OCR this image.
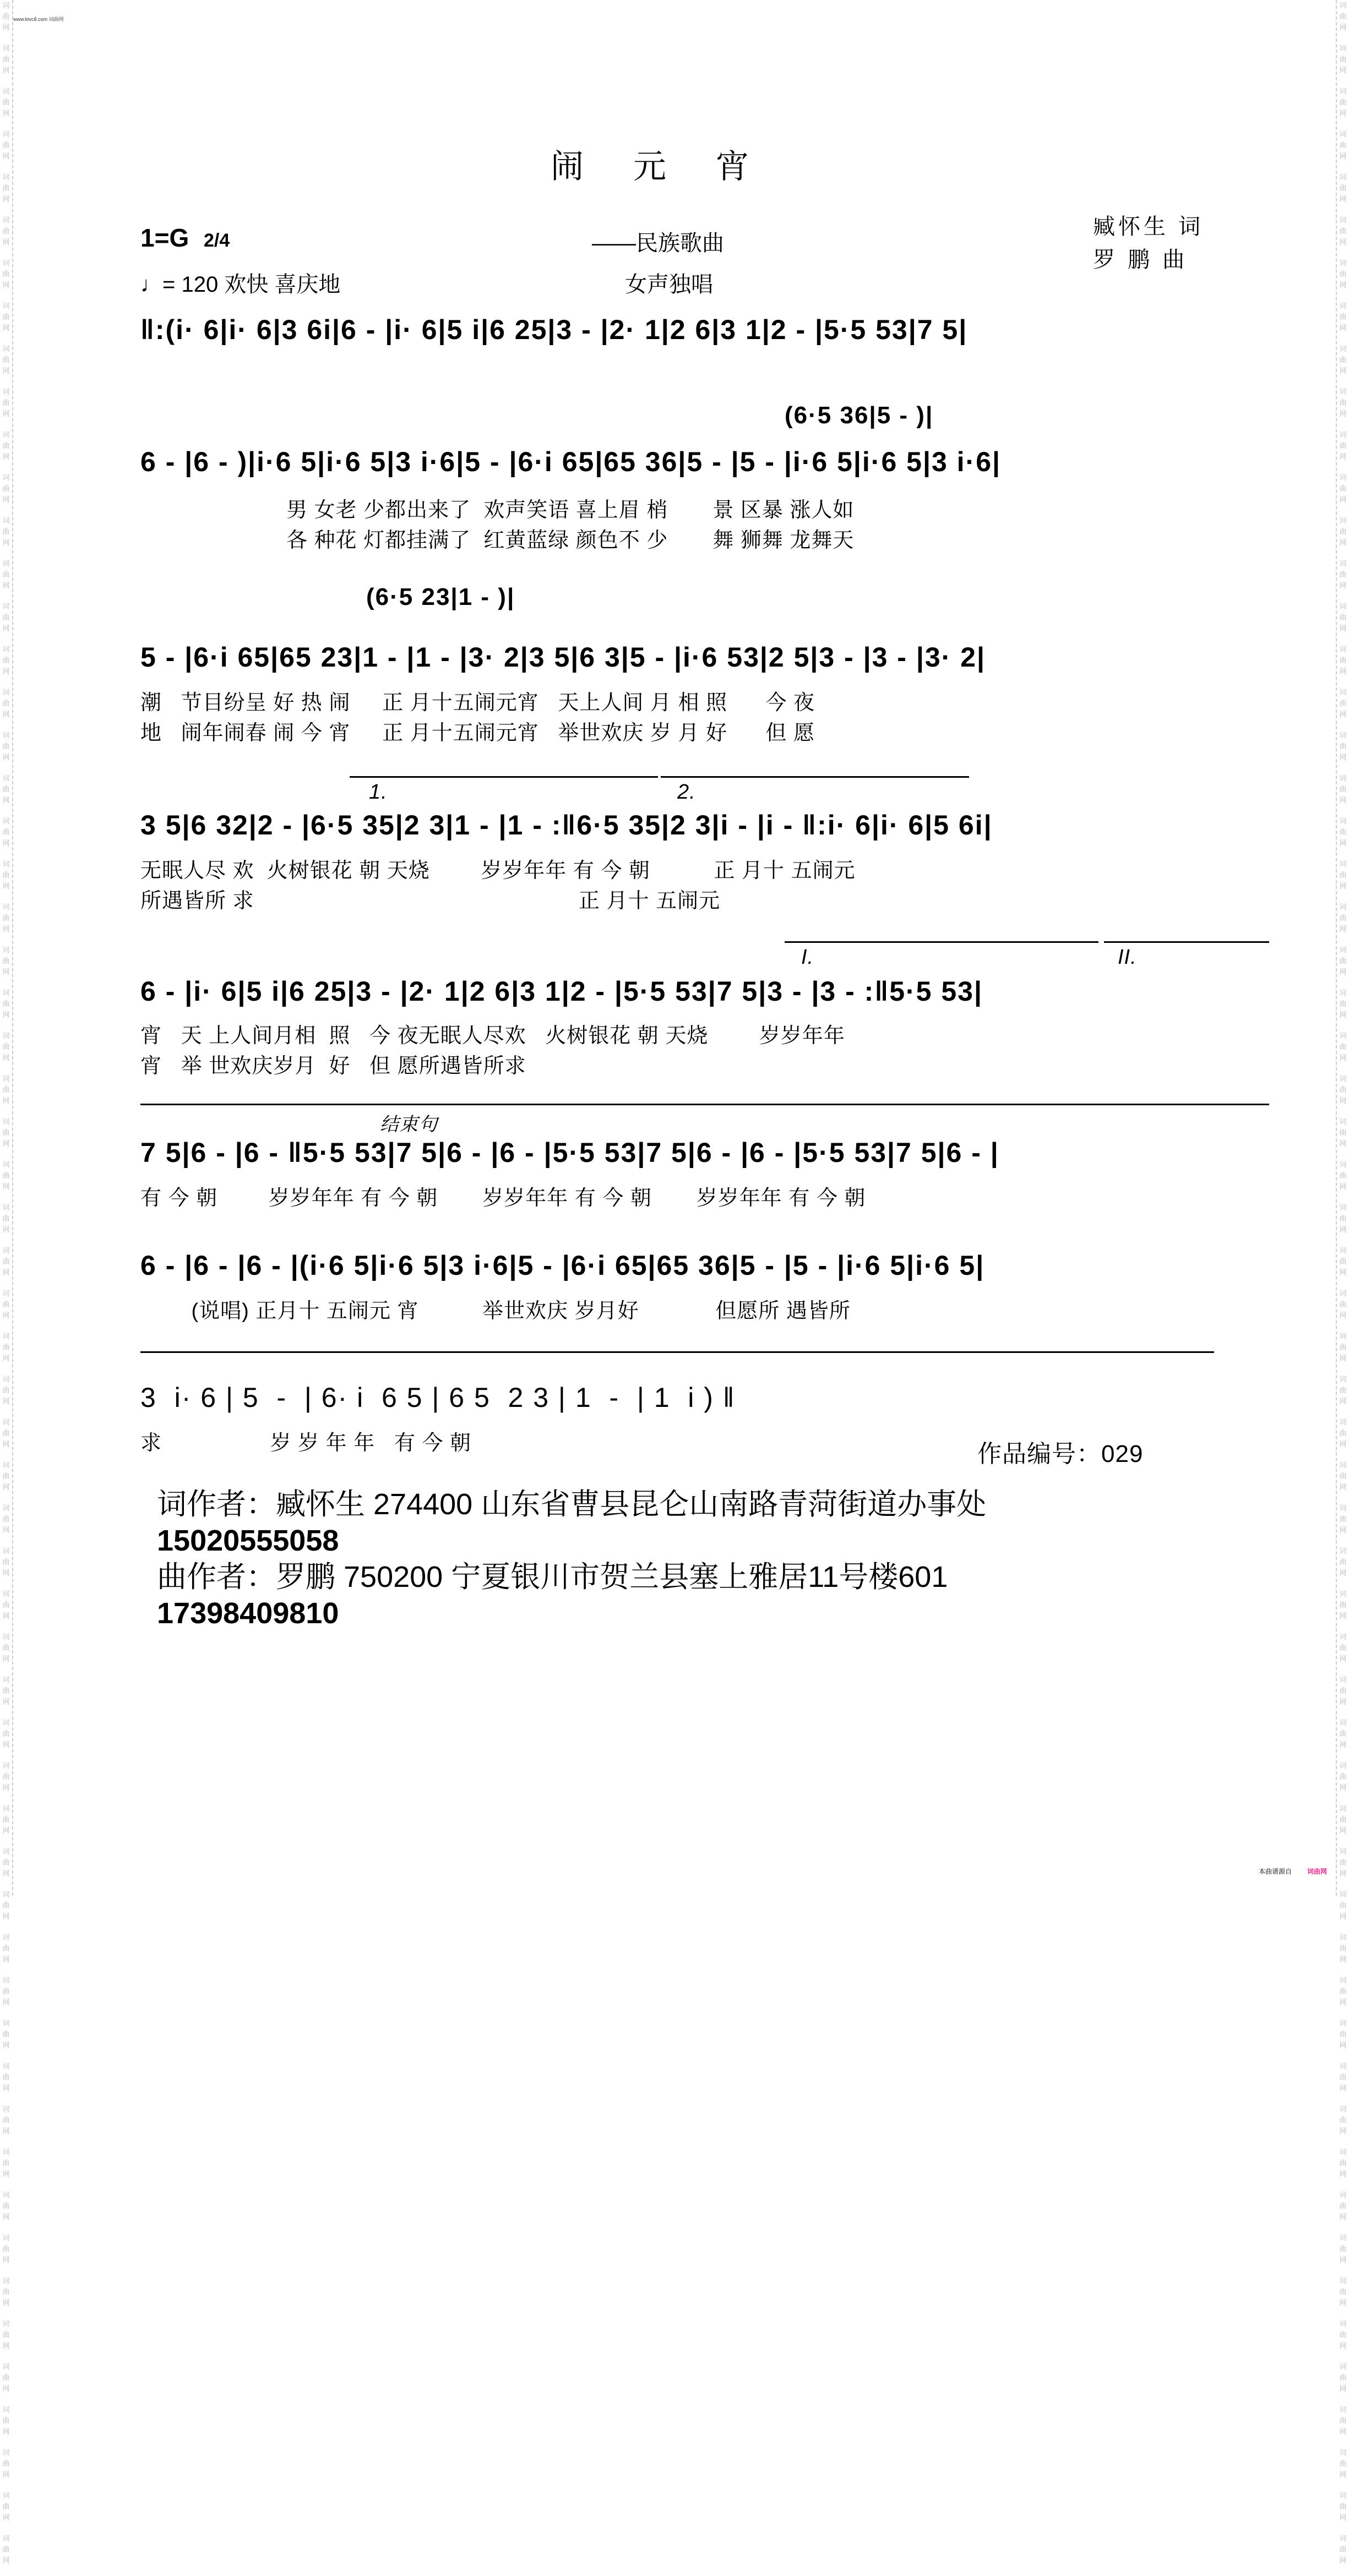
词
曲
网

词
曲
网

词
曲
网

词
曲
网

词
曲
网

词
曲
网

词
曲
网

词
曲
网

词
曲
网

词
曲
网

词
曲
网

词
曲
网

词
曲
网

词
曲
网

词
曲
网

词
曲
网

词
曲
网

词
曲
网

词
曲
网

词
曲
网

词
曲
网

词
曲
网

词
曲
网

词
曲
网

词
曲
网

词
曲
网

词
曲
网

词
曲
网

词
曲
网

词
曲
网

词
曲
网

词
曲
网

词
曲
网

词
曲
网

词
曲
网

词
曲
网

词
曲
网

词
曲
网

词
曲
网

词
曲
网

词
曲
网

词
曲
网

词
曲
网

词
曲
网

词
曲
网

词
曲
网

词
曲
网

词
曲
网

词
曲
网

词
曲
网

词
曲
网

词
曲
网

词
曲
网

词
曲
网

词
曲
网

词
曲
网

词
曲
网

词
曲
网

词
曲
网

词
曲
网

词
曲
网

词
曲
网

词
曲
网

词
曲
网

词
曲
网

词
曲
网

词
曲
网

词
曲
网

词
曲
网

词
曲
网

词
曲
网

词
曲
网

词
曲
网

词
曲
网

词
曲
网

词
曲
网

词
曲
网

词
曲
网

词
曲
网

词
曲
网

词
曲
网

词
曲
网

词
曲
网

词
曲
网

词
曲
网

词
曲
网

词
曲
网

词
曲
网

词
曲
网

词
曲
网

词
曲
网

词
曲
网

词
曲
网

词
曲
网

词
曲
网

词
曲
网

词
曲
网

词
曲
网

词
曲
网

词
曲
网

词
曲
网

词
曲
网

词
曲
网

词
曲
网

词
曲
网

词
曲
网

词
曲
网

词
曲
网

词
曲
网

词
曲
网

词
曲
网

词
曲
网

词
曲
网

词
曲
网

词
曲
网

词
曲
网

词
曲
网

词
曲
网

词
曲
网

词
曲
网

www.ktvc8.com 词曲网
闹元宵
1=G 2/4
♩= 120 欢快 喜庆地
——民族歌曲
女声独唱
臧怀生 词
罗 鹏 曲
‖:(i· 6|i· 6|3 6i|6 - |i· 6|5 i|6 25|3 - |2· 1|2 6|3 1|2 - |5·5 53|7 5|
(6·5 36|5 - )|
6 - |6 - )|i·6 5|i·6 5|3 i·6|5 - |6·i 65|65 36|5 - |5 - |i·6 5|i·6 5|3 i·6|
男 女老 少都出来了  欢声笑语 喜上眉 梢       景 区暴 涨人如
各 种花 灯都挂满了  红黄蓝绿 颜色不 少       舞 狮舞 龙舞天
(6·5 23|1 - )|
5 - |6·i 65|65 23|1 - |1 - |3· 2|3 5|6 3|5 - |i·6 53|2 5|3 - |3 - |3· 2|
潮   节目纷呈 好 热 闹     正 月十五闹元宵   天上人间 月 相 照      今 夜
地   闹年闹春 闹 今 宵     正 月十五闹元宵   举世欢庆 岁 月 好      但 愿
1.	2.
3 5|6 32|2 - |6·5 35|2 3|1 - |1 - :‖6·5 35|2 3|i - |i - ‖:i· 6|i· 6|5 6i|
无眠人尽 欢  火树银花 朝 天烧        岁岁年年 有 今 朝          正 月十 五闹元
所遇皆所 求                                                   正 月十 五闹元
I.	II.
6 - |i· 6|5 i|6 25|3 - |2· 1|2 6|3 1|2 - |5·5 53|7 5|3 - |3 - :‖5·5 53|
宵   天 上人间月相  照   今 夜无眠人尽欢   火树银花 朝 天烧        岁岁年年
宵   举 世欢庆岁月  好   但 愿所遇皆所求
结束句
7 5|6 - |6 - ‖5·5 53|7 5|6 - |6 - |5·5 53|7 5|6 - |6 - |5·5 53|7 5|6 - |
有 今 朝        岁岁年年 有 今 朝       岁岁年年 有 今 朝       岁岁年年 有 今 朝
6 - |6 - |6 - |(i·6 5|i·6 5|3 i·6|5 - |6·i 65|65 36|5 - |5 - |i·6 5|i·6 5|
(说唱) 正月十 五闹元 宵          举世欢庆 岁月好            但愿所 遇皆所
3  i· 6 | 5  -  | 6· i  6 5 | 6 5  2 3 | 1  -  | 1  i ) ‖
求                 岁 岁 年 年   有 今 朝	作品编号：029
词作者：臧怀生 274400 山东省曹县昆仑山南路青菏街道办事处
15020555058
曲作者：罗鹏 750200 宁夏银川市贺兰县塞上雅居11号楼601
17398409810
本曲谱源自 词曲网
